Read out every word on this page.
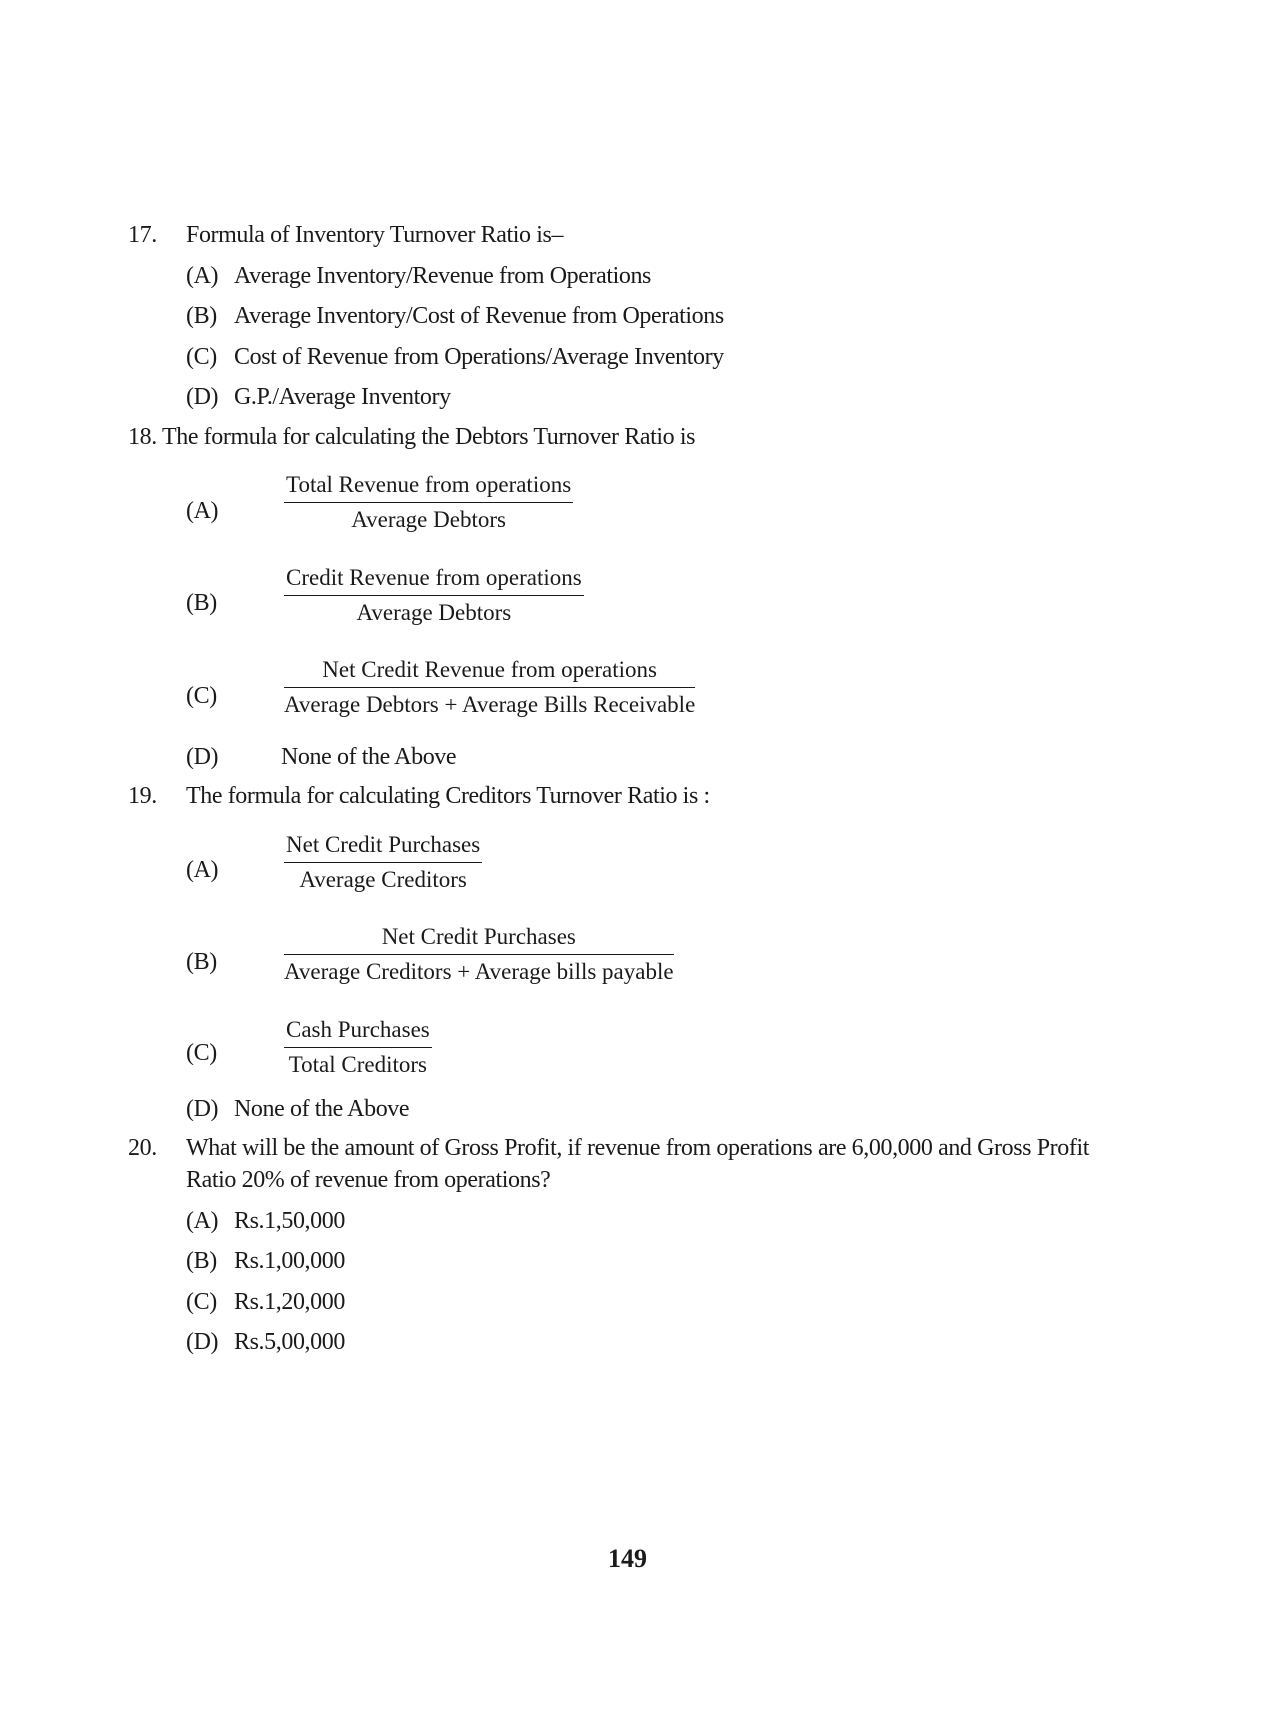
17. Formula of Inventory Turnover Ratio is–
(A) Average Inventory/Revenue from Operations
(B) Average Inventory/Cost of Revenue from Operations
(C) Cost of Revenue from Operations/Average Inventory
(D) G.P./Average Inventory
18. The formula for calculating the Debtors Turnover Ratio is
(A)
Total Revenue from operations
Average Debtors
(B)
Credit Revenue from operations
Average Debtors
(C)
Net Credit Revenue from operations
Average Debtors + Average Bills Receivable
(D)	None of the Above
19. The formula for calculating Creditors Turnover Ratio is :
(A)
Net Credit Purchases
Average Creditors
(B)
Net Credit Purchases
Average Creditors + Average bills payable
(C)
Cash Purchases
Total Creditors
(D) None of the Above
20. What will be the amount of Gross Profit, if revenue from operations are 6,00,000 and Gross Profit
Ratio 20% of revenue from operations?
(A) Rs.1,50,000
(B) Rs.1,00,000
(C) Rs.1,20,000
(D) Rs.5,00,000
149
